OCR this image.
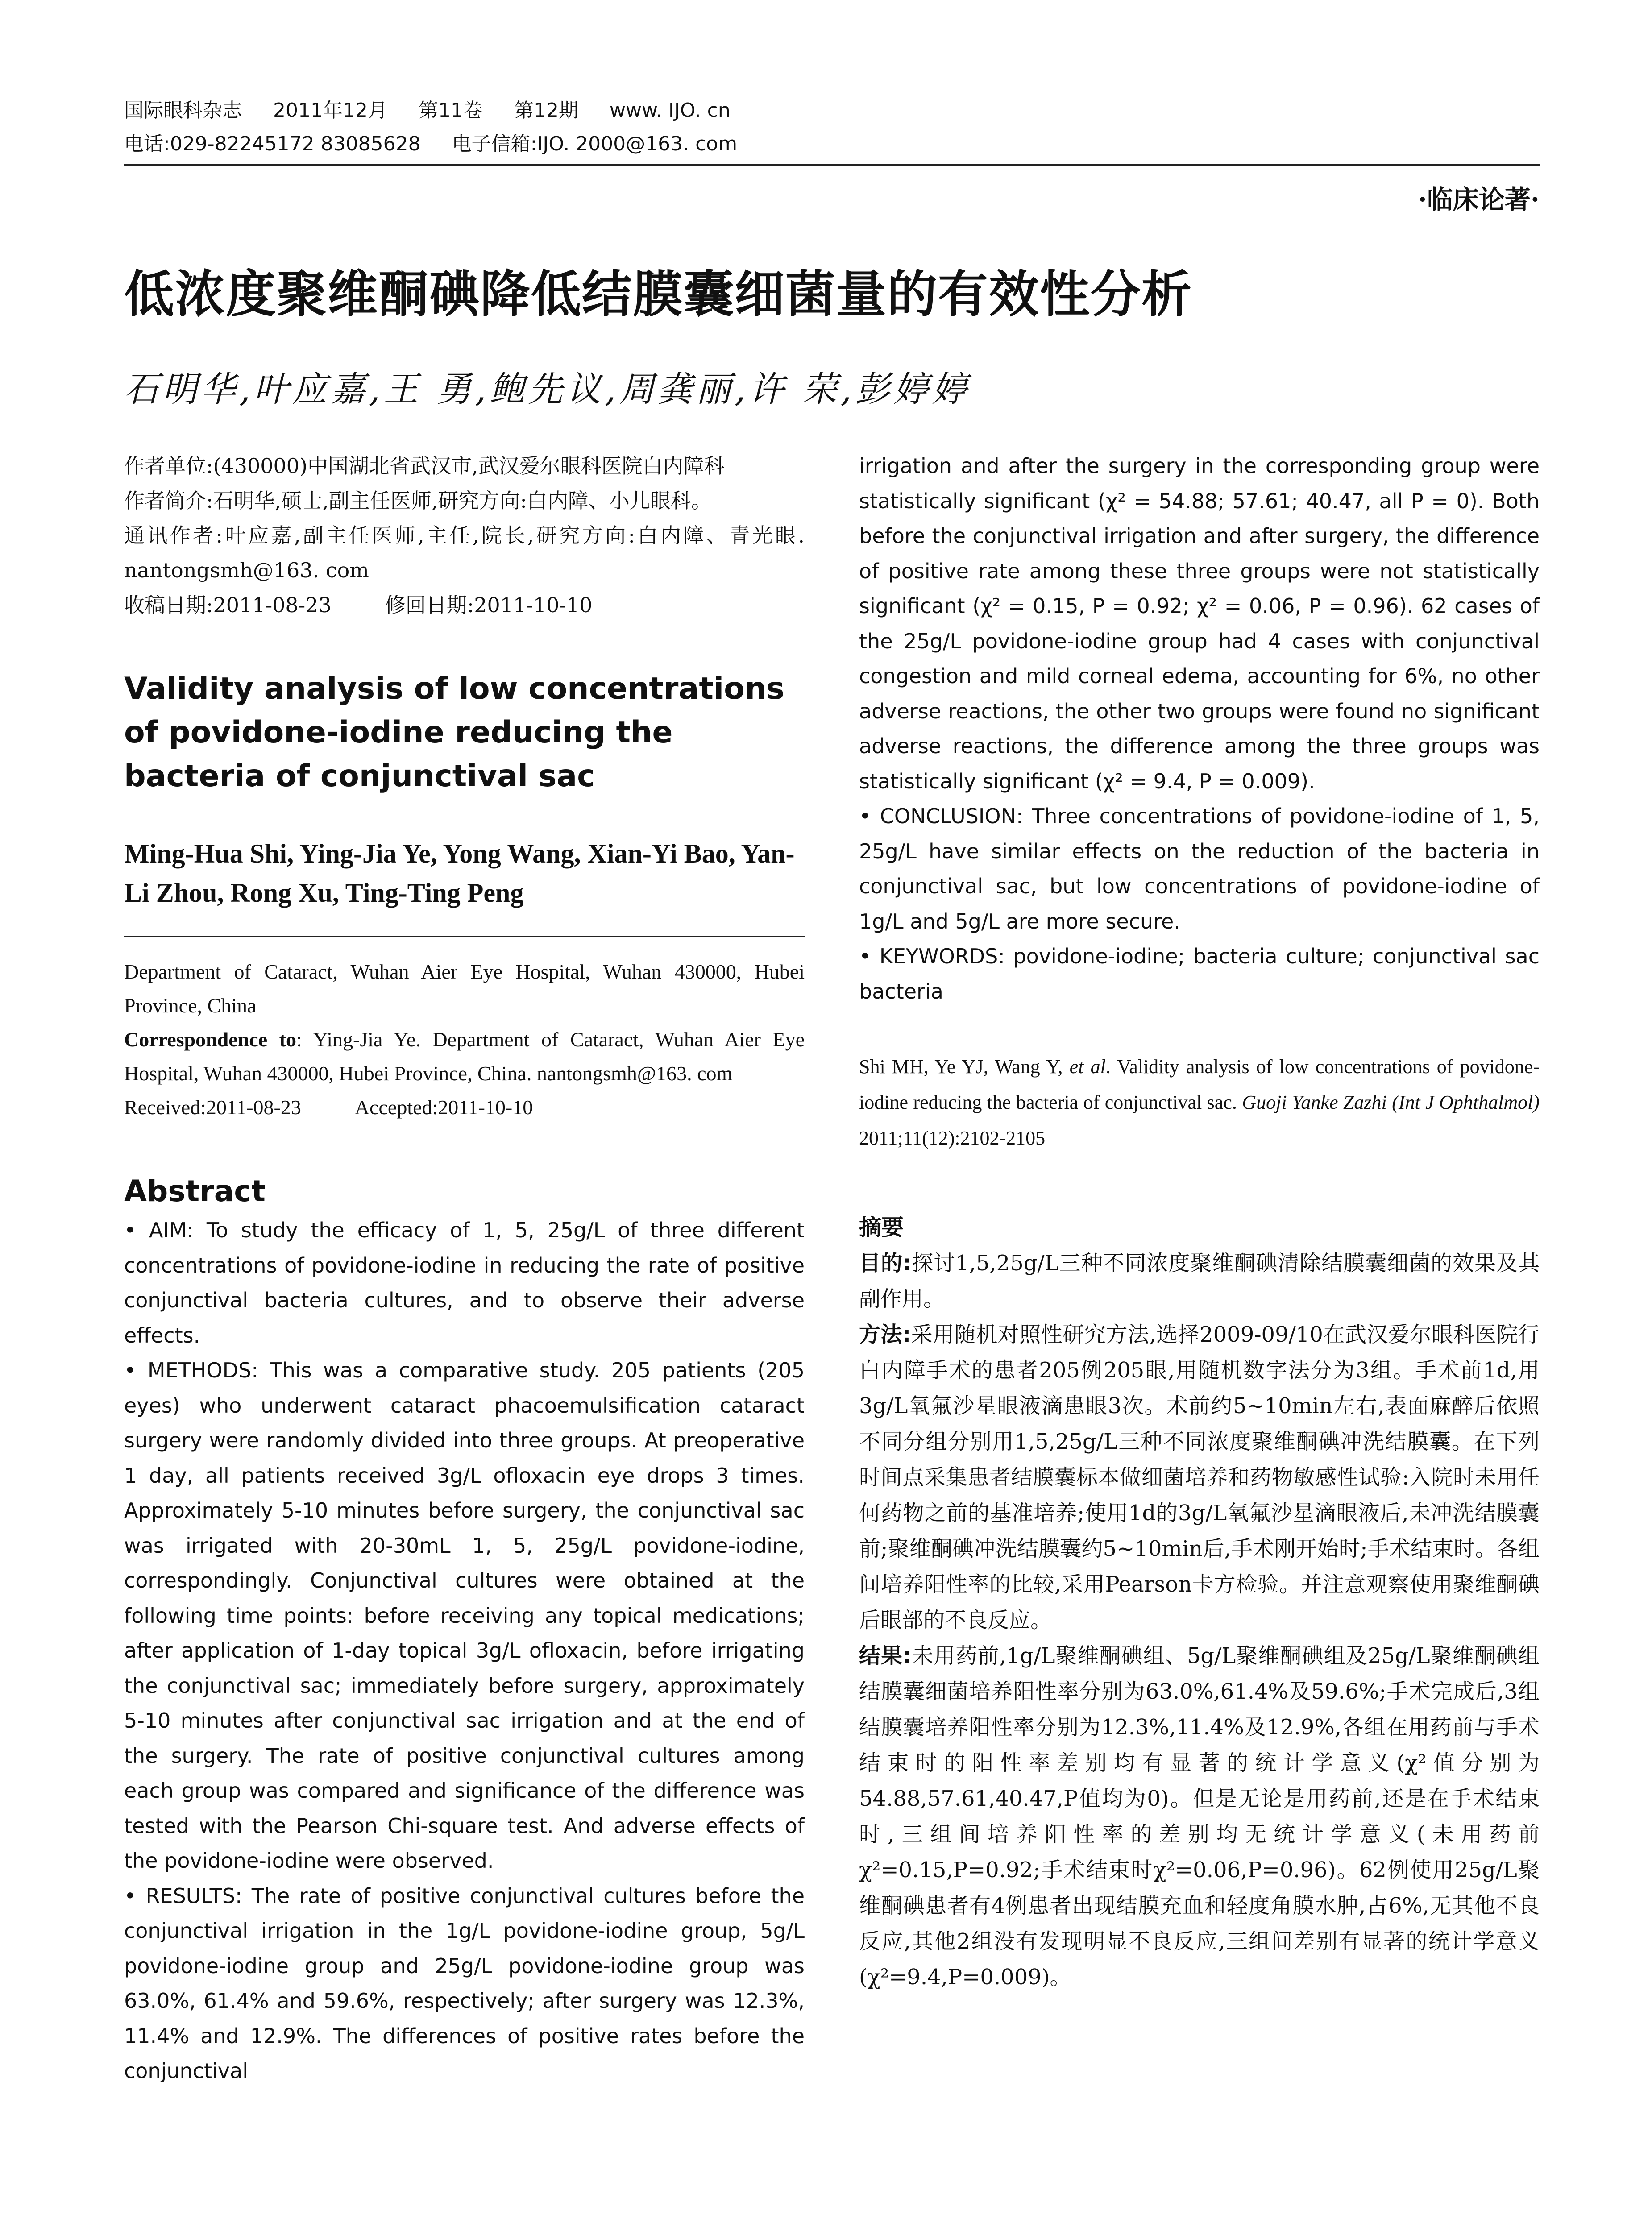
国际眼科杂志 2011年12月 第11卷 第12期 www. IJO. cn
电话:029-82245172 83085628 电子信箱:IJO. 2000@163. com
·临床论著·
低浓度聚维酮碘降低结膜囊细菌量的有效性分析
石明华,叶应嘉,王 勇,鲍先议,周龚丽,许 荣,彭婷婷

作者单位:(430000)中国湖北省武汉市,武汉爱尔眼科医院白内障科

作者简介:石明华,硕士,副主任医师,研究方向:白内障、小儿眼科。

通讯作者:叶应嘉,副主任医师,主任,院长,研究方向:白内障、青光眼. nantongsmh@163. com

收稿日期:2011-08-23	修回日期:2011-10-10

Validity analysis of low concentrations of povidone-iodine reducing the bacteria of conjunctival sac
Ming-Hua Shi, Ying-Jia Ye, Yong Wang, Xian-Yi Bao, Yan-Li Zhou, Rong Xu, Ting-Ting Peng

Department of Cataract, Wuhan Aier Eye Hospital, Wuhan 430000, Hubei Province, China

Correspondence to: Ying-Jia Ye. Department of Cataract, Wuhan Aier Eye Hospital, Wuhan 430000, Hubei Province, China. nantongsmh@163. com

Received:2011-08-23	Accepted:2011-10-10

Abstract

• AIM: To study the efficacy of 1, 5, 25g/L of three different concentrations of povidone-iodine in reducing the rate of positive conjunctival bacteria cultures, and to observe their adverse effects.

• METHODS: This was a comparative study. 205 patients (205 eyes) who underwent cataract phacoemulsification cataract surgery were randomly divided into three groups. At preoperative 1 day, all patients received 3g/L ofloxacin eye drops 3 times. Approximately 5-10 minutes before surgery, the conjunctival sac was irrigated with 20-30mL 1, 5, 25g/L povidone-iodine, correspondingly. Conjunctival cultures were obtained at the following time points: before receiving any topical medications; after application of 1-day topical 3g/L ofloxacin, before irrigating the conjunctival sac; immediately before surgery, approximately 5-10 minutes after conjunctival sac irrigation and at the end of the surgery. The rate of positive conjunctival cultures among each group was compared and significance of the difference was tested with the Pearson Chi-square test. And adverse effects of the povidone-iodine were observed.

• RESULTS: The rate of positive conjunctival cultures before the conjunctival irrigation in the 1g/L povidone-iodine group, 5g/L povidone-iodine group and 25g/L povidone-iodine group was 63.0%, 61.4% and 59.6%, respectively; after surgery was 12.3%, 11.4% and 12.9%. The differences of positive rates before the conjunctival

irrigation and after the surgery in the corresponding group were statistically significant (χ² = 54.88; 57.61; 40.47, all P = 0). Both before the conjunctival irrigation and after surgery, the difference of positive rate among these three groups were not statistically significant (χ² = 0.15, P = 0.92; χ² = 0.06, P = 0.96). 62 cases of the 25g/L povidone-iodine group had 4 cases with conjunctival congestion and mild corneal edema, accounting for 6%, no other adverse reactions, the other two groups were found no significant adverse reactions, the difference among the three groups was statistically significant (χ² = 9.4, P = 0.009).

• CONCLUSION: Three concentrations of povidone-iodine of 1, 5, 25g/L have similar effects on the reduction of the bacteria in conjunctival sac, but low concentrations of povidone-iodine of 1g/L and 5g/L are more secure.

• KEYWORDS: povidone-iodine; bacteria culture; conjunctival sac bacteria

Shi MH, Ye YJ, Wang Y, et al. Validity analysis of low concentrations of povidone-iodine reducing the bacteria of conjunctival sac. Guoji Yanke Zazhi (Int J Ophthalmol) 2011;11(12):2102-2105

摘要

目的:探讨1,5,25g/L三种不同浓度聚维酮碘清除结膜囊细菌的效果及其副作用。

方法:采用随机对照性研究方法,选择2009-09/10在武汉爱尔眼科医院行白内障手术的患者205例205眼,用随机数字法分为3组。手术前1d,用3g/L氧氟沙星眼液滴患眼3次。术前约5~10min左右,表面麻醉后依照不同分组分别用1,5,25g/L三种不同浓度聚维酮碘冲洗结膜囊。在下列时间点采集患者结膜囊标本做细菌培养和药物敏感性试验:入院时未用任何药物之前的基准培养;使用1d的3g/L氧氟沙星滴眼液后,未冲洗结膜囊前;聚维酮碘冲洗结膜囊约5~10min后,手术刚开始时;手术结束时。各组间培养阳性率的比较,采用Pearson卡方检验。并注意观察使用聚维酮碘后眼部的不良反应。

结果:未用药前,1g/L聚维酮碘组、5g/L聚维酮碘组及25g/L聚维酮碘组结膜囊细菌培养阳性率分别为63.0%,61.4%及59.6%;手术完成后,3组结膜囊培养阳性率分别为12.3%,11.4%及12.9%,各组在用药前与手术结束时的阳性率差别均有显著的统计学意义(χ²值分别为54.88,57.61,40.47,P值均为0)。但是无论是用药前,还是在手术结束时,三组间培养阳性率的差别均无统计学意义(未用药前χ²=0.15,P=0.92;手术结束时χ²=0.06,P=0.96)。62例使用25g/L聚维酮碘患者有4例患者出现结膜充血和轻度角膜水肿,占6%,无其他不良反应,其他2组没有发现明显不良反应,三组间差别有显著的统计学意义(χ²=9.4,P=0.009)。
